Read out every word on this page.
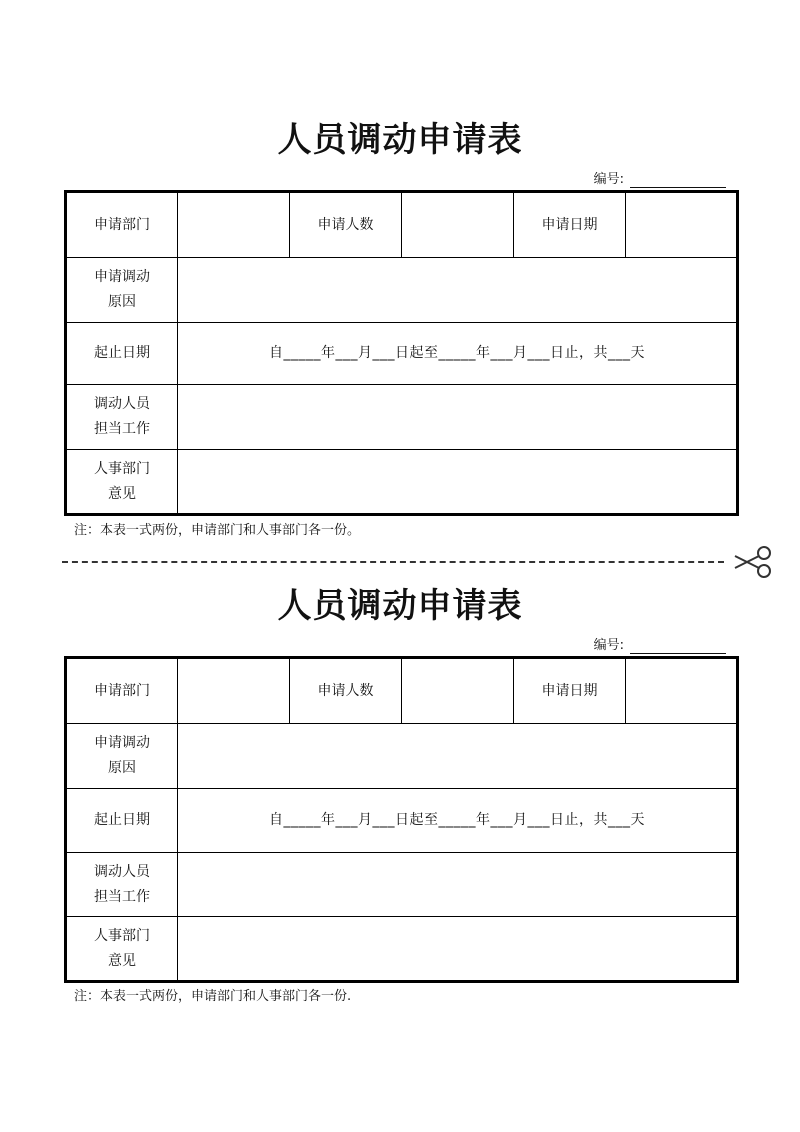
人员调动申请表
编号:
申请部门		申请人数		申请日期	
申请调动
原因					
起止日期	自_____年___月___日起至_____年___月___日止，共___天				
调动人员
担当工作					
人事部门
意见					
注：本表一式两份，申请部门和人事部门各一份。
人员调动申请表
编号:
申请部门		申请人数		申请日期	
申请调动
原因					
起止日期	自_____年___月___日起至_____年___月___日止，共___天				
调动人员
担当工作					
人事部门
意见					
注：本表一式两份，申请部门和人事部门各一份.
